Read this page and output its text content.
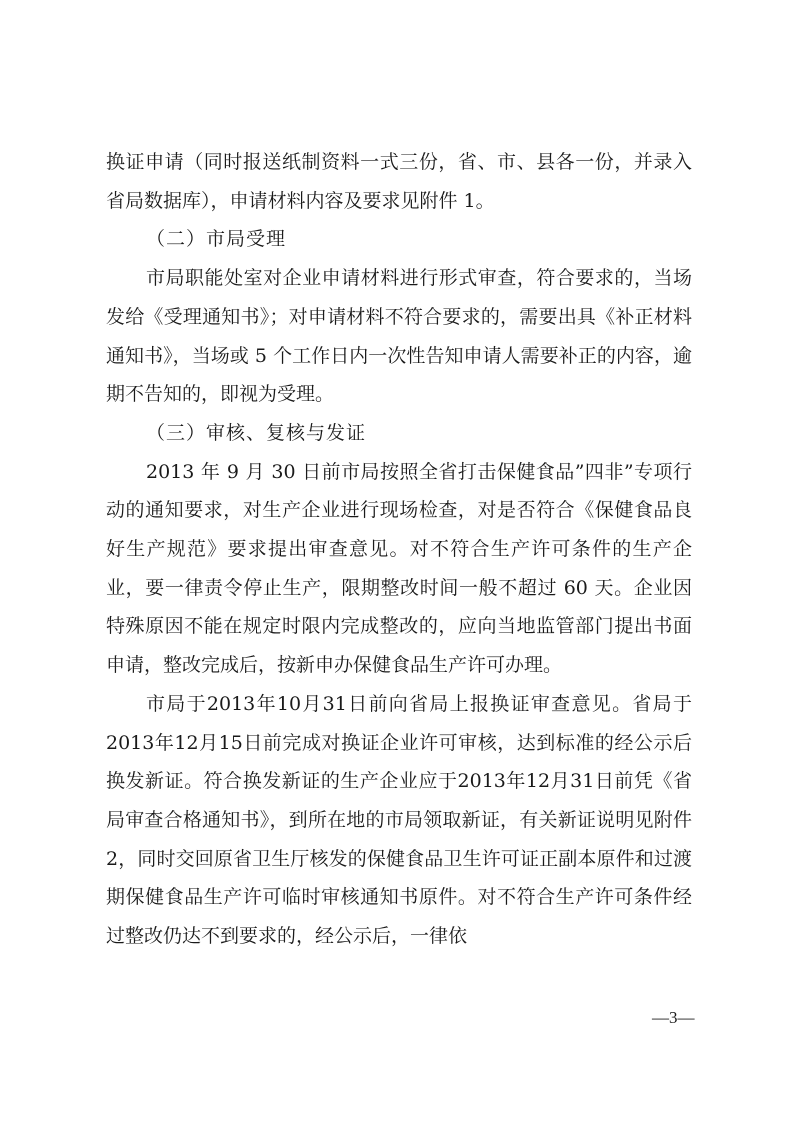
换证申请（同时报送纸制资料一式三份，省、市、县各一份，并录入省局数据库），申请材料内容及要求见附件 1。

（二）市局受理

市局职能处室对企业申请材料进行形式审查，符合要求的，当场发给《受理通知书》；对申请材料不符合要求的，需要出具《补正材料通知书》，当场或 5 个工作日内一次性告知申请人需要补正的内容，逾期不告知的，即视为受理。

（三）审核、复核与发证

2013 年 9 月 30 日前市局按照全省打击保健食品”四非”专项行动的通知要求，对生产企业进行现场检查，对是否符合《保健食品良好生产规范》要求提出审查意见。对不符合生产许可条件的生产企业，要一律责令停止生产，限期整改时间一般不超过 60 天。企业因特殊原因不能在规定时限内完成整改的，应向当地监管部门提出书面申请，整改完成后，按新申办保健食品生产许可办理。

市局于2013年10月31日前向省局上报换证审查意见。省局于2013年12月15日前完成对换证企业许可审核，达到标准的经公示后换发新证。符合换发新证的生产企业应于2013年12月31日前凭《省局审查合格通知书》，到所在地的市局领取新证，有关新证说明见附件2，同时交回原省卫生厅核发的保健食品卫生许可证正副本原件和过渡期保健食品生产许可临时审核通知书原件。对不符合生产许可条件经过整改仍达不到要求的，经公示后，一律依

—3—
